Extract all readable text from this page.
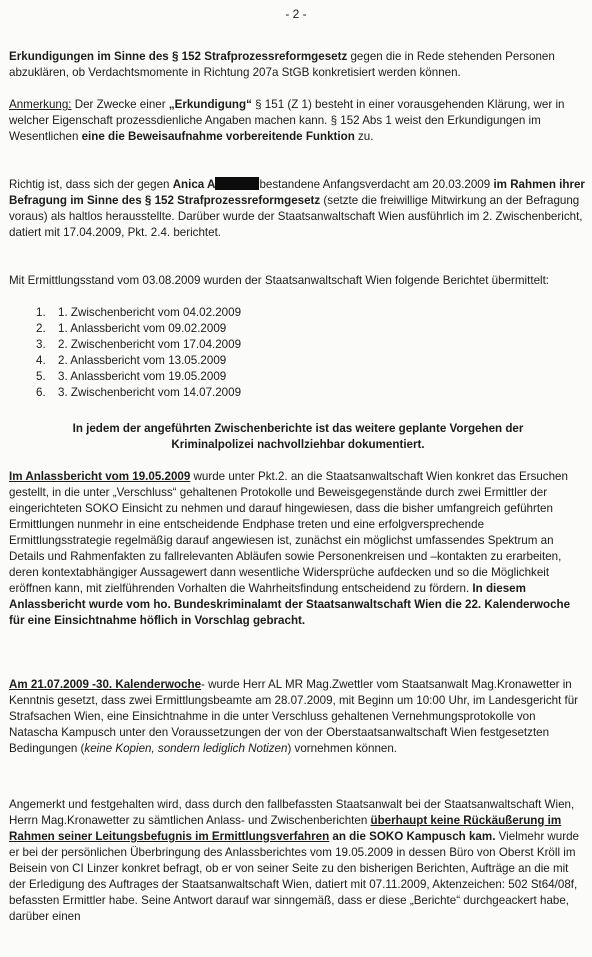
- 2 -

Erkundigungen im Sinne des § 152 Strafprozessreformgesetz gegen die in Rede stehenden Personen abzuklären, ob Verdachtsmomente in Richtung 207a StGB konkretisiert werden können.

Anmerkung: Der Zwecke einer „Erkundigung“ § 151 (Z 1) besteht in einer vorausgehenden Klärung, wer in welcher Eigenschaft prozessdienliche Angaben machen kann. § 152 Abs 1 weist den Erkundigungen im Wesentlichen eine die Beweisaufnahme vorbereitende Funktion zu.

Richtig ist, dass sich der gegen Anica A	bestandene Anfangsverdacht am 20.03.2009 im Rahmen ihrer Befragung im Sinne des § 152 Strafprozessreformgesetz (setzte die freiwillige Mitwirkung an der Befragung voraus) als haltlos herausstellte. Darüber wurde der Staatsanwaltschaft Wien ausführlich im 2. Zwischenbericht, datiert mit 17.04.2009, Pkt. 2.4. berichtet.

Mit Ermittlungsstand vom 03.08.2009 wurden der Staatsanwaltschaft Wien folgende Berichtet übermittelt:

1. 1. Zwischenbericht vom 04.02.2009
2. 1. Anlassbericht vom 09.02.2009
3. 2. Zwischenbericht vom 17.04.2009
4. 2. Anlassbericht vom 13.05.2009
5. 3. Anlassbericht vom 19.05.2009
6. 3. Zwischenbericht vom 14.07.2009

In jedem der angeführten Zwischenberichte ist das weitere geplante Vorgehen der Kriminalpolizei nachvollziehbar dokumentiert.

Im Anlassbericht vom 19.05.2009 wurde unter Pkt.2. an die Staatsanwaltschaft Wien konkret das Ersuchen gestellt, in die unter „Verschluss“ gehaltenen Protokolle und Beweisgegenstände durch zwei Ermittler der eingerichteten SOKO Einsicht zu nehmen und darauf hingewiesen, dass die bisher umfangreich geführten Ermittlungen nunmehr in eine entscheidende Endphase treten und eine erfolgversprechende Ermittlungsstrategie regelmäßig darauf angewiesen ist, zunächst ein möglichst umfassendes Spektrum an Details und Rahmenfakten zu fallrelevanten Abläufen sowie Personenkreisen und –kontakten zu erarbeiten, deren kontextabhängiger Aussagewert dann wesentliche Widersprüche aufdecken und so die Möglichkeit eröffnen kann, mit zielführenden Vorhalten die Wahrheitsfindung entscheidend zu fördern. In diesem Anlassbericht wurde vom ho. Bundeskriminalamt der Staatsanwaltschaft Wien die 22. Kalenderwoche für eine Einsichtnahme höflich in Vorschlag gebracht.

Am 21.07.2009 -30. Kalenderwoche- wurde Herr AL MR Mag.Zwettler vom Staatsanwalt Mag.Kronawetter in Kenntnis gesetzt, dass zwei Ermittlungsbeamte am 28.07.2009, mit Beginn um 10:00 Uhr, im Landesgericht für Strafsachen Wien, eine Einsichtnahme in die unter Verschluss gehaltenen Vernehmungsprotokolle von Natascha Kampusch unter den Voraussetzungen der von der Oberstaatsanwaltschaft Wien festgesetzten Bedingungen (keine Kopien, sondern lediglich Notizen) vornehmen können.

Angemerkt und festgehalten wird, dass durch den fallbefassten Staatsanwalt bei der Staatsanwaltschaft Wien, Herrn Mag.Kronawetter zu sämtlichen Anlass- und Zwischenberichten überhaupt keine Rückäußerung im Rahmen seiner Leitungsbefugnis im Ermittlungsverfahren an die SOKO Kampusch kam. Vielmehr wurde er bei der persönlichen Überbringung des Anlassberichtes vom 19.05.2009 in dessen Büro von Oberst Kröll im Beisein von CI Linzer konkret befragt, ob er von seiner Seite zu den bisherigen Berichten, Aufträge an die mit der Erledigung des Auftrages der Staatsanwaltschaft Wien, datiert mit 07.11.2009, Aktenzeichen: 502 St64/08f, befassten Ermittler habe. Seine Antwort darauf war sinngemäß, dass er diese „Berichte“ durchgeackert habe, darüber einen
